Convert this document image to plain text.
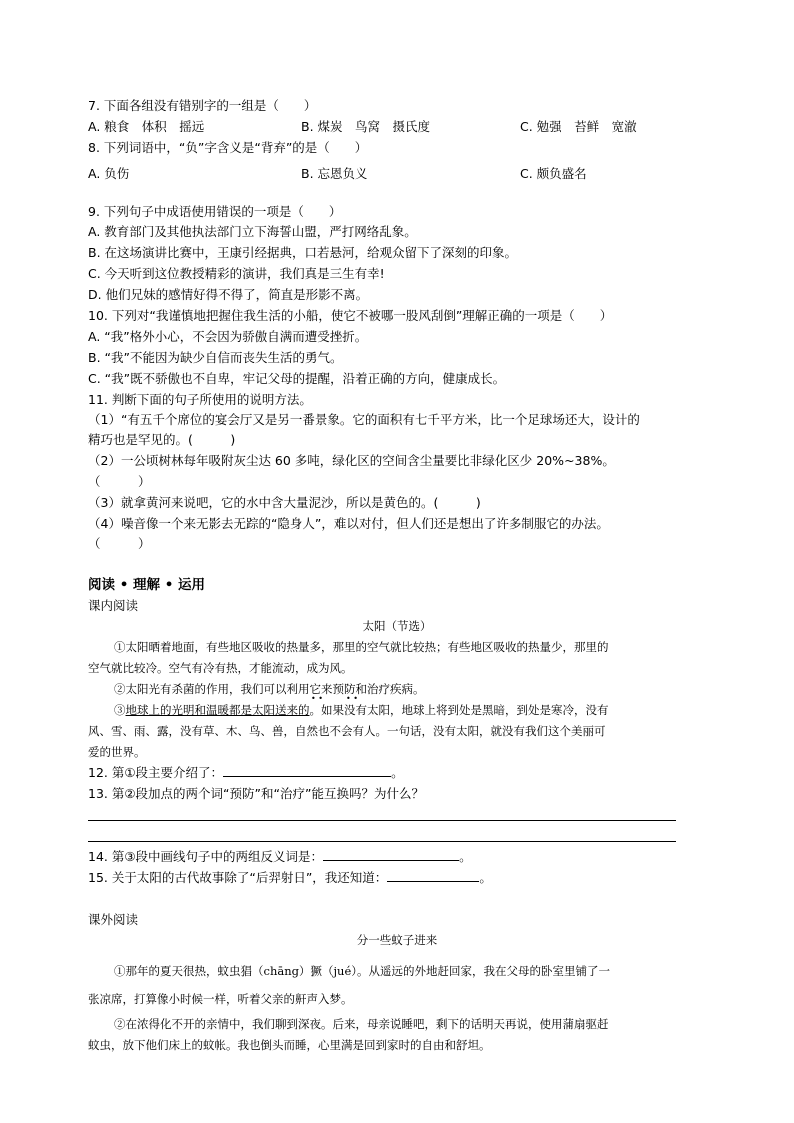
7. 下面各组没有错别字的一组是（　　）
A. 粮食　体积　摇远	B. 煤炭　鸟窝　摄氏度	C. 勉强　苔鲜　宽澈
8. 下列词语中，“负”字含义是“背弃”的是（　　）
A. 负伤	B. 忘恩负义	C. 颇负盛名
9. 下列句子中成语使用错误的一项是（　　）
A. 教育部门及其他执法部门立下海誓山盟，严打网络乱象。
B. 在这场演讲比赛中，王康引经据典，口若悬河，给观众留下了深刻的印象。
C. 今天听到这位教授精彩的演讲，我们真是三生有幸!
D. 他们兄妹的感情好得不得了，简直是形影不离。
10. 下列对“我谨慎地把握住我生活的小船，使它不被哪一股风刮倒”理解正确的一项是（　　）
A. “我”格外小心，不会因为骄傲自满而遭受挫折。
B. “我”不能因为缺少自信而丧失生活的勇气。
C. “我”既不骄傲也不自卑，牢记父母的提醒，沿着正确的方向，健康成长。
11. 判断下面的句子所使用的说明方法。
（1）“有五千个席位的宴会厅又是另一番景象。它的面积有七千平方米，比一个足球场还大，设计的
精巧也是罕见的。(　　　)
（2）一公顷树林每年吸附灰尘达 60 多吨，绿化区的空间含尘量要比非绿化区少 20%~38%。
（　　　）
（3）就拿黄河来说吧，它的水中含大量泥沙，所以是黄色的。(　　　)
（4）噪音像一个来无影去无踪的“隐身人”，难以对付，但人们还是想出了许多制服它的办法。
（　　　）
阅读 • 理解 • 运用
课内阅读
太阳（节选）
①太阳晒着地面，有些地区吸收的热量多，那里的空气就比较热；有些地区吸收的热量少，那里的
空气就比较冷。空气有冷有热，才能流动，成为风。
②太阳光有杀菌的作用，我们可以利用它来预防和治疗疾病。
• •	• •
③地球上的光明和温暖都是太阳送来的。如果没有太阳，地球上将到处是黑暗，到处是寒冷，没有
风、雪、雨、露，没有草、木、鸟、兽，自然也不会有人。一句话，没有太阳，就没有我们这个美丽可
爱的世界。
12. 第①段主要介绍了：	。
13. 第②段加点的两个词“预防”和“治疗”能互换吗？为什么？
14. 第③段中画线句子中的两组反义词是：	。
15. 关于太阳的古代故事除了“后羿射日”，我还知道：	。
课外阅读
分一些蚊子进来
①那年的夏天很热，蚊虫猖（chāng）獗（jué）。从遥远的外地赶回家，我在父母的卧室里铺了一
张凉席，打算像小时候一样，听着父亲的鼾声入梦。
②在浓得化不开的亲情中，我们聊到深夜。后来，母亲说睡吧，剩下的话明天再说，使用蒲扇驱赶
蚊虫，放下他们床上的蚊帐。我也倒头而睡，心里满是回到家时的自由和舒坦。
